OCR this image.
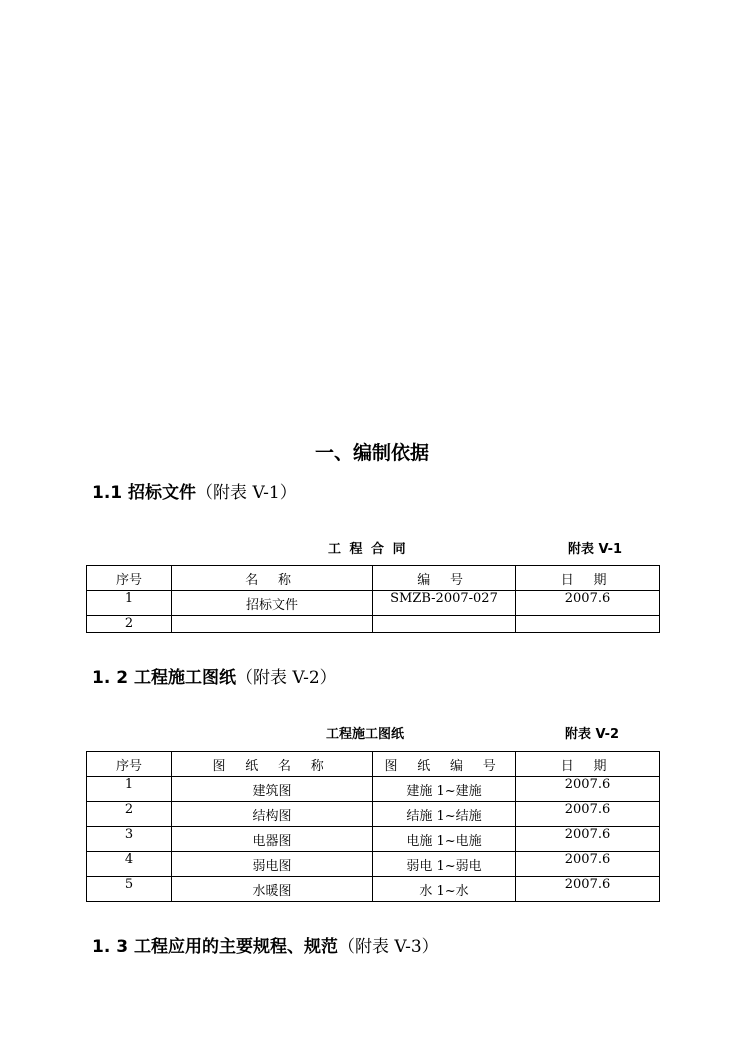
一、编制依据
1.1 招标文件（附表 V-1）
工 程 合 同	附表 V-1
序号	名 称	编 号	日 期
1	招标文件	SMZB-2007-027	2007.6
2			
1. 2 工程施工图纸（附表 V-2）
工程施工图纸	附表 V-2
序号	图 纸 名 称	图 纸 编 号	日 期
1	建筑图	建施 1~建施	2007.6
2	结构图	结施 1~结施	2007.6
3	电器图	电施 1~电施	2007.6
4	弱电图	弱电 1~弱电	2007.6
5	水暖图	水 1~水	2007.6
1. 3 工程应用的主要规程、规范（附表 V-3）
